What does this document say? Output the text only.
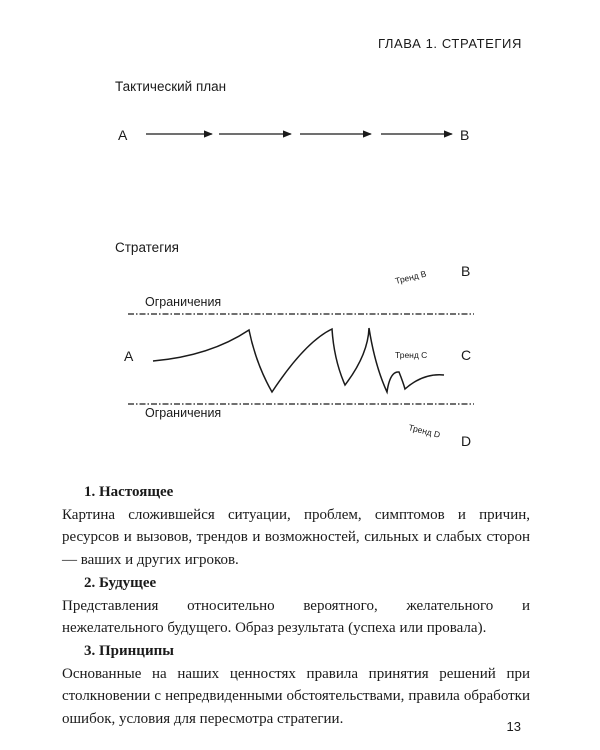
ГЛАВА 1. СТРАТЕГИЯ
Тактический план
Стратегия
A	B
B
C
D
A
Тренд B
Тренд C
Тренд D
Ограничения
Ограничения
1. Настоящее
Картина сложившейся ситуации, проблем, симптомов и причин, ресурсов и вызовов, трендов и возможностей, сильных и слабых сторон — ваших и других игроков.
2. Будущее
Представления относительно вероятного, желательного и нежелательного будущего. Образ результата (успеха или провала).
3. Принципы
Основанные на наших ценностях правила принятия решений при столкновении с непредвиденными обстоятельствами, правила обработки ошибок, условия для пересмотра стратегии.	13
